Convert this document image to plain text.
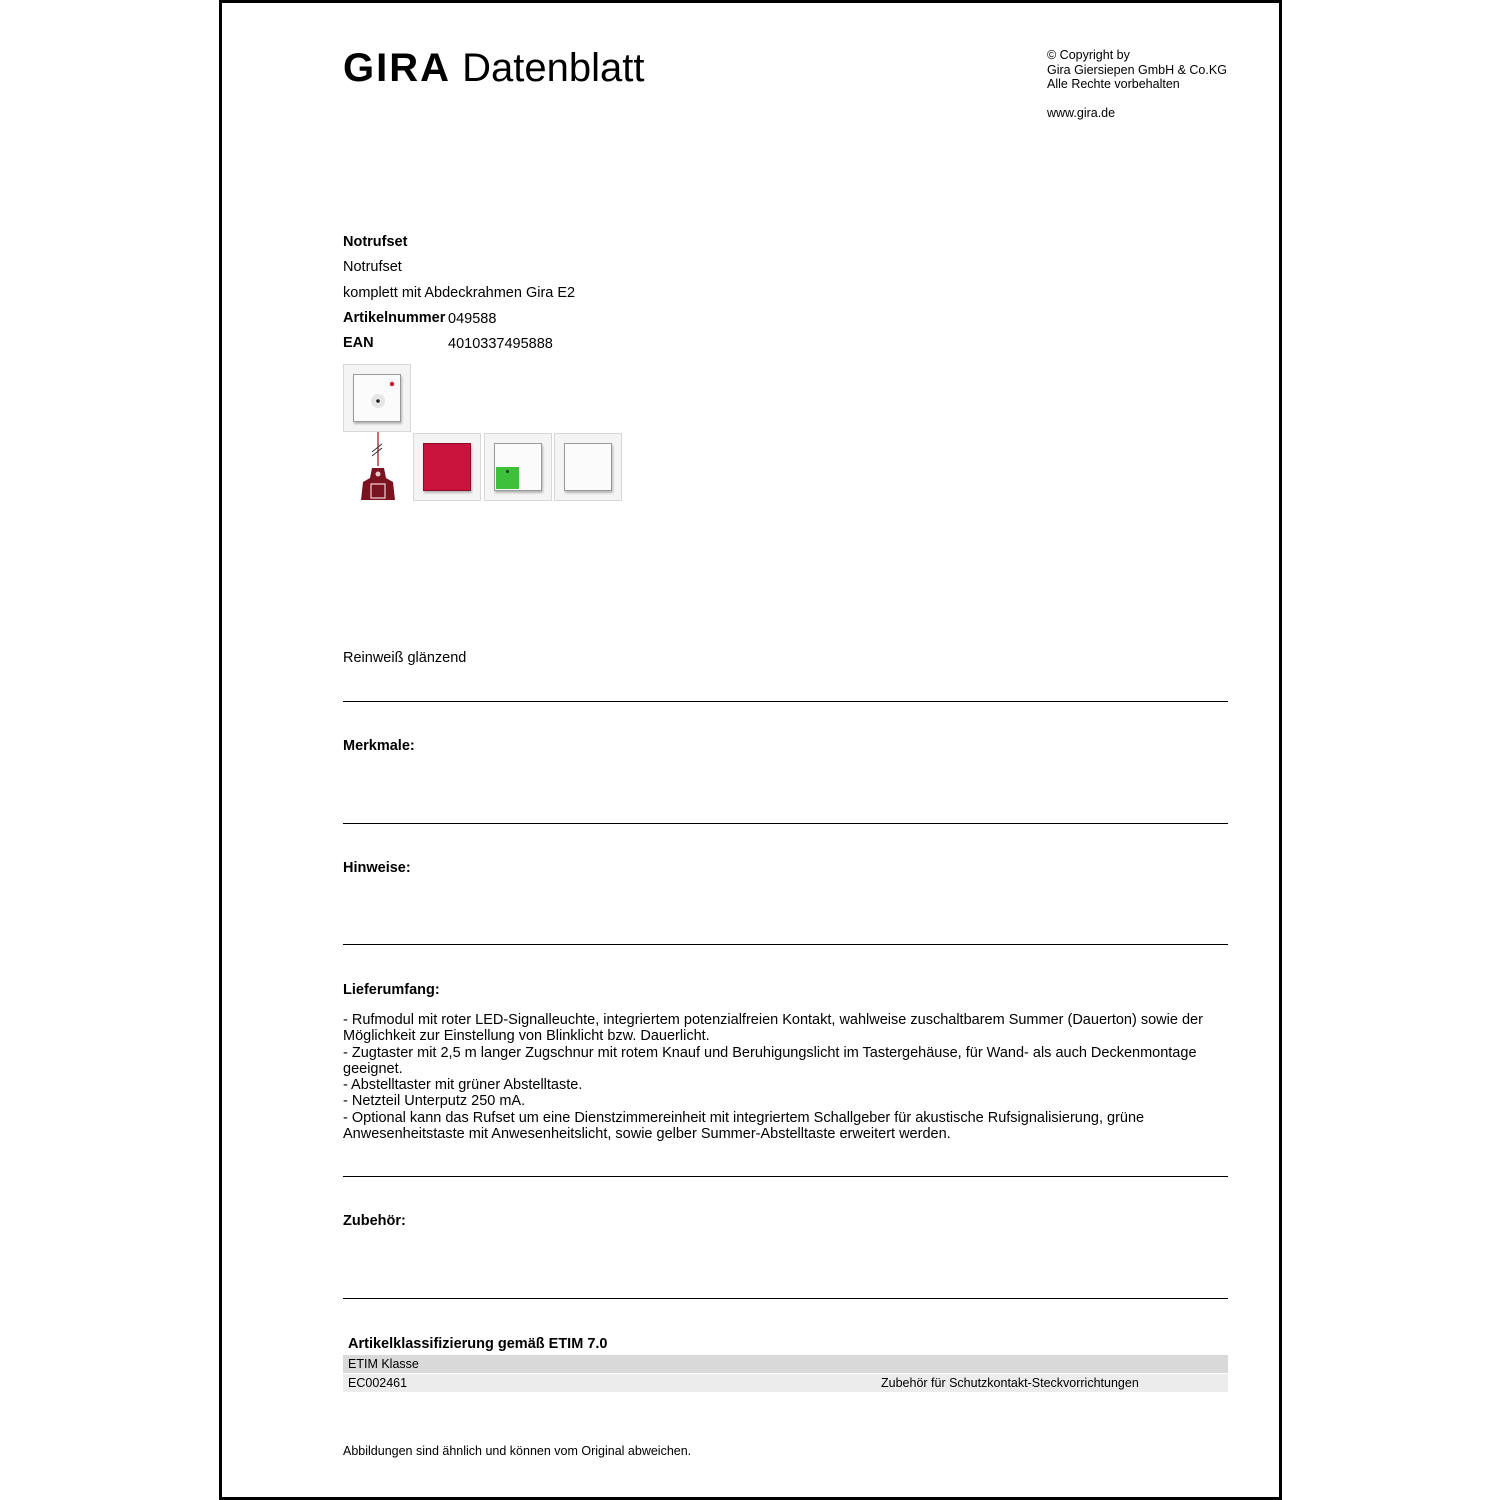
GIRA Datenblatt	© Copyright by
Gira Giersiepen GmbH & Co.KG
Alle Rechte vorbehalten
www.gira.de
Notrufset
Notrufset
komplett mit Abdeckrahmen Gira E2
Artikelnummer 049588
EAN	4010337495888
Reinweiß glänzend
Merkmale:
Hinweise:
Lieferumfang:
- Rufmodul mit roter LED-Signalleuchte, integriertem potenzialfreien Kontakt, wahlweise zuschaltbarem Summer (Dauerton) sowie der Möglichkeit zur Einstellung von Blinklicht bzw. Dauerlicht.
- Zugtaster mit 2,5 m langer Zugschnur mit rotem Knauf und Beruhigungslicht im Tastergehäuse, für Wand- als auch Deckenmontage geeignet.
- Abstelltaster mit grüner Abstelltaste.
- Netzteil Unterputz 250 mA.
- Optional kann das Rufset um eine Dienstzimmereinheit mit integriertem Schallgeber für akustische Rufsignalisierung, grüne Anwesenheitstaste mit Anwesenheitslicht, sowie gelber Summer-Abstelltaste erweitert werden.
Zubehör:
Artikelklassifizierung gemäß ETIM 7.0
ETIM Klasse
EC002461	Zubehör für Schutzkontakt-Steckvorrichtungen
Abbildungen sind ähnlich und können vom Original abweichen.
